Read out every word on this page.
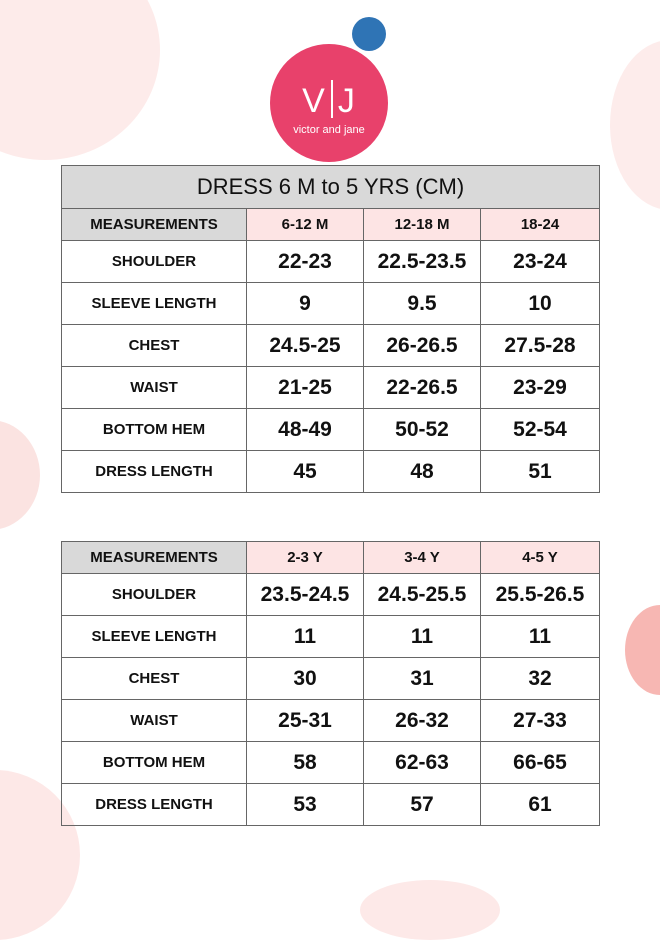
V J
victor and jane
DRESS 6 M to 5 YRS (CM)			
MEASUREMENTS	6-12 M	12-18 M	18-24
SHOULDER	22-23	22.5-23.5	23-24
SLEEVE LENGTH	9	9.5	10
CHEST	24.5-25	26-26.5	27.5-28
WAIST	21-25	22-26.5	23-29
BOTTOM HEM	48-49	50-52	52-54
DRESS LENGTH	45	48	51
MEASUREMENTS	2-3 Y	3-4 Y	4-5 Y
SHOULDER	23.5-24.5	24.5-25.5	25.5-26.5
SLEEVE LENGTH	11	11	11
CHEST	30	31	32
WAIST	25-31	26-32	27-33
BOTTOM HEM	58	62-63	66-65
DRESS LENGTH	53	57	61
